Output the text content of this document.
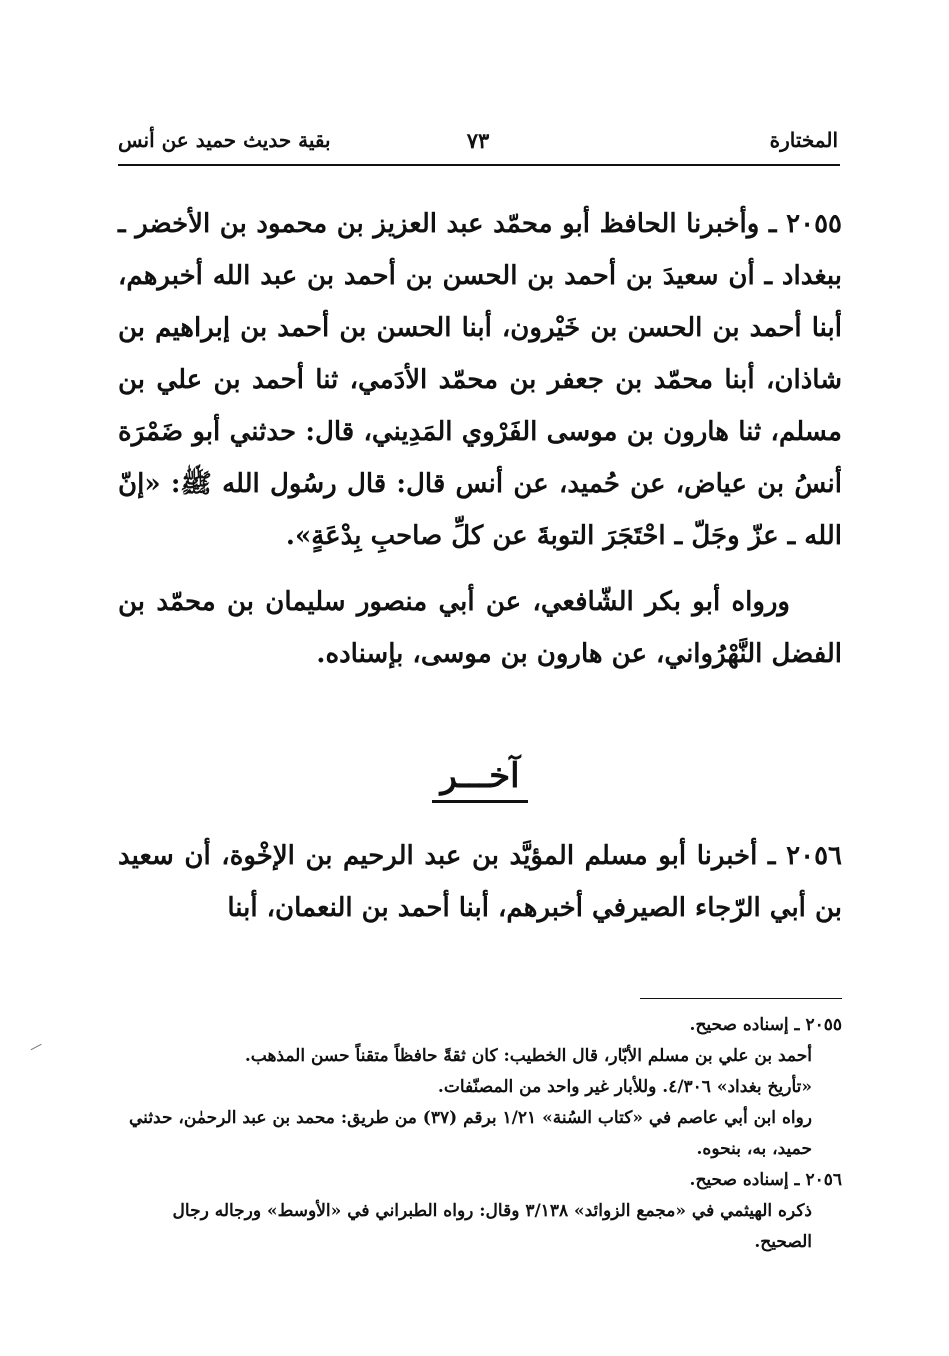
المختارة
٧٣
بقية حديث حميد عن أنس

٢٠٥٥ ـ وأخبرنا الحافظ أبو محمّد عبد العزيز بن محمود بن الأخضر ـ ببغداد ـ أن سعيدَ بن أحمد بن الحسن بن أحمد بن عبد الله أخبرهم، أبنا أحمد بن الحسن بن خَيْرون، أبنا الحسن بن أحمد بن إبراهيم بن شاذان، أبنا محمّد بن جعفر بن محمّد الأدَمي، ثنا أحمد بن علي بن مسلم، ثنا هارون بن موسى الفَرْوي المَدِيني، قال: حدثني أبو ضَمْرَة أنسُ بن عياض، عن حُميد، عن أنس قال: قال رسُول الله ﷺ: «إنّ الله ـ عزّ وجَلّ ـ احْتَجَرَ التوبةَ عن كلِّ صاحبِ بِدْعَةٍ».

ورواه أبو بكر الشّافعي، عن أبي منصور سليمان بن محمّد بن الفضل النَّهْرُواني، عن هارون بن موسى، بإسناده.

آخـــر

٢٠٥٦ ـ أخبرنا أبو مسلم المؤيَّد بن عبد الرحيم بن الإخْوة، أن سعيد بن أبي الرّجاء الصيرفي أخبرهم، أبنا أحمد بن النعمان، أبنا

٢٠٥٥ ـ إسناده صحيح.

أحمد بن علي بن مسلم الأبّار، قال الخطيب: كان ثقةً حافظاً متقناً حسن المذهب.

«تأريخ بغداد» ٤/٣٠٦. وللأبار غير واحد من المصنّفات.

رواه ابن أبي عاصم في «كتاب السُنة» ١/٢١ برقم (٣٧) من طريق: محمد بن عبد الرحمٰن، حدثني حميد، به، بنحوه.

٢٠٥٦ ـ إسناده صحيح.

ذكره الهيثمي في «مجمع الزوائد» ٣/١٣٨ وقال: رواه الطبراني في «الأوسط» ورجاله رجال الصحيح.
